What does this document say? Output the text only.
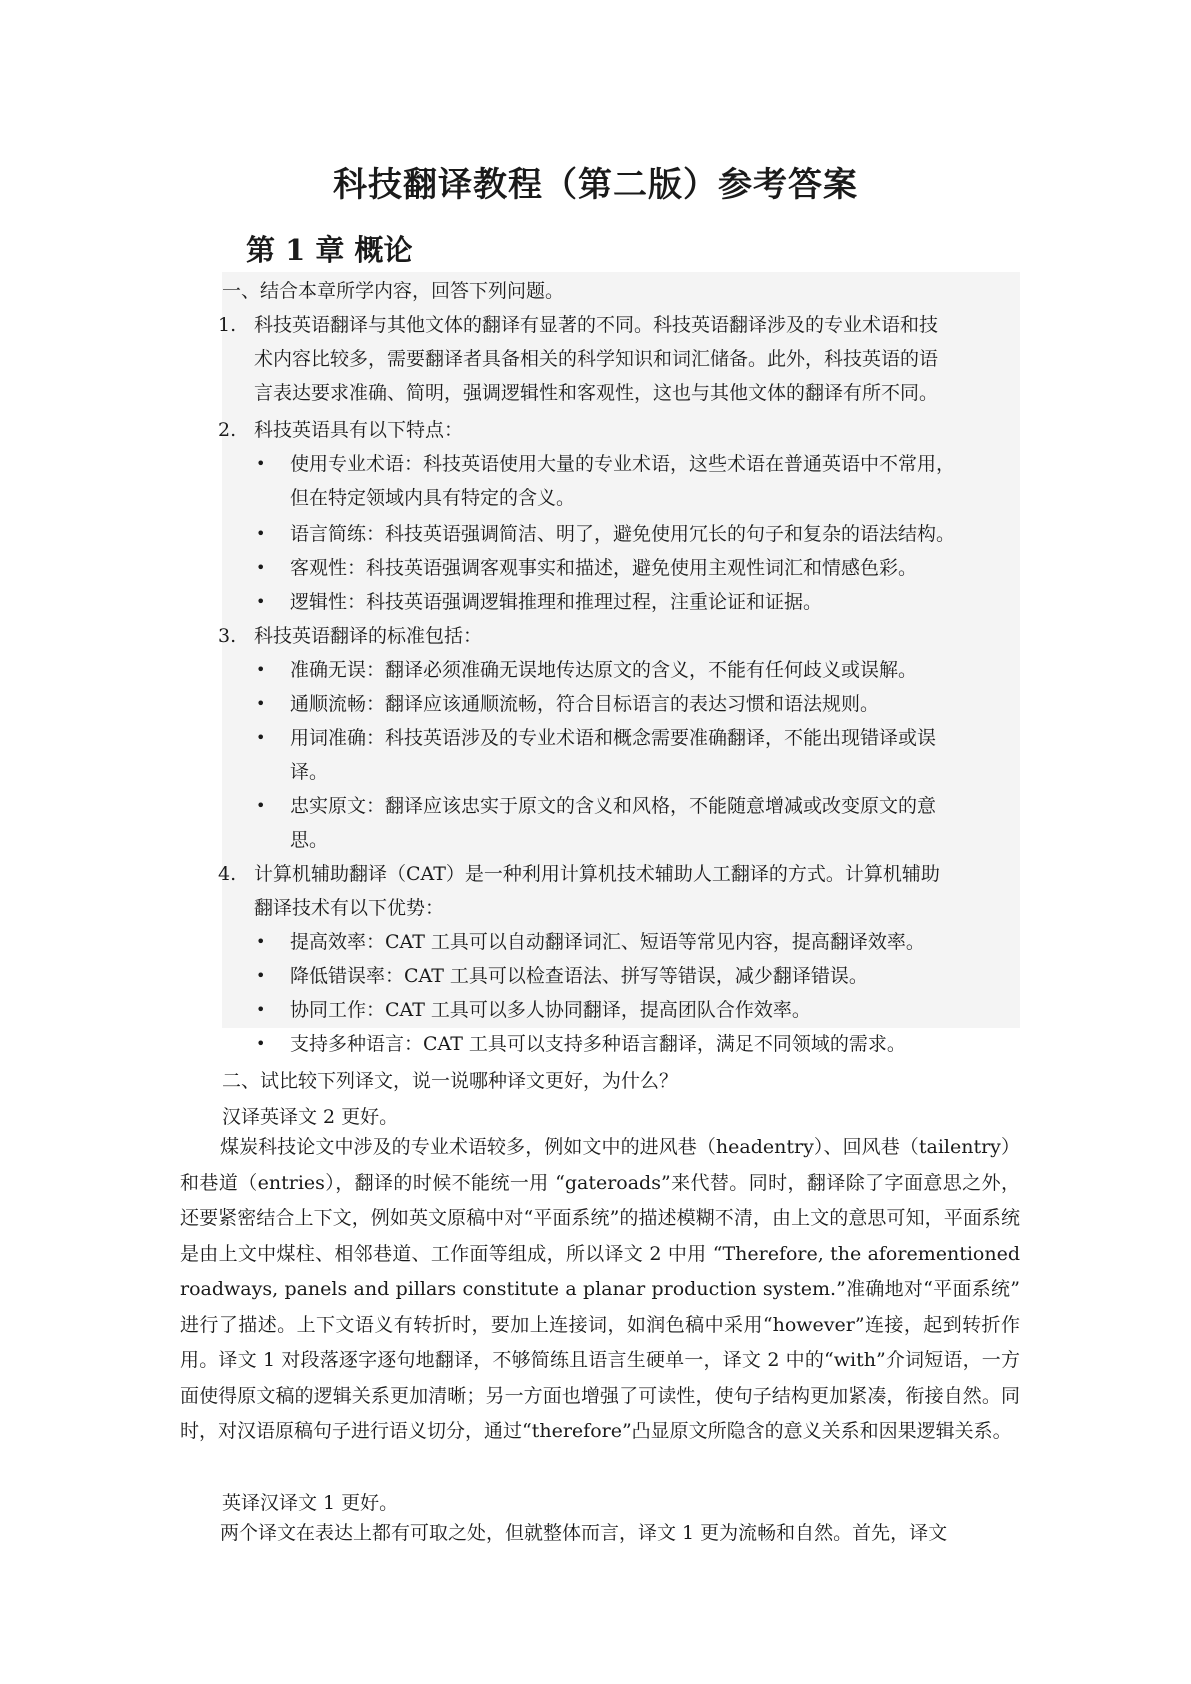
科技翻译教程（第二版）参考答案
第 1 章 概论
一、结合本章所学内容，回答下列问题。
1. 科技英语翻译与其他文体的翻译有显著的不同。科技英语翻译涉及的专业术语和技
术内容比较多，需要翻译者具备相关的科学知识和词汇储备。此外，科技英语的语
言表达要求准确、简明，强调逻辑性和客观性，这也与其他文体的翻译有所不同。
2. 科技英语具有以下特点：
• 使用专业术语：科技英语使用大量的专业术语，这些术语在普通英语中不常用，
但在特定领域内具有特定的含义。
• 语言简练：科技英语强调简洁、明了，避免使用冗长的句子和复杂的语法结构。
• 客观性：科技英语强调客观事实和描述，避免使用主观性词汇和情感色彩。
• 逻辑性：科技英语强调逻辑推理和推理过程，注重论证和证据。
3. 科技英语翻译的标准包括：
• 准确无误：翻译必须准确无误地传达原文的含义，不能有任何歧义或误解。
• 通顺流畅：翻译应该通顺流畅，符合目标语言的表达习惯和语法规则。
• 用词准确：科技英语涉及的专业术语和概念需要准确翻译，不能出现错译或误
译。
• 忠实原文：翻译应该忠实于原文的含义和风格，不能随意增减或改变原文的意
思。
4. 计算机辅助翻译（CAT）是一种利用计算机技术辅助人工翻译的方式。计算机辅助
翻译技术有以下优势：
• 提高效率：CAT 工具可以自动翻译词汇、短语等常见内容，提高翻译效率。
• 降低错误率：CAT 工具可以检查语法、拼写等错误，减少翻译错误。
• 协同工作：CAT 工具可以多人协同翻译，提高团队合作效率。
• 支持多种语言：CAT 工具可以支持多种语言翻译，满足不同领域的需求。
二、试比较下列译文，说一说哪种译文更好，为什么？
汉译英译文 2 更好。

煤炭科技论文中涉及的专业术语较多，例如文中的进风巷（headentry）、回风巷（tailentry）和巷道（entries），翻译的时候不能统一用 “gateroads”来代替。同时，翻译除了字面意思之外，还要紧密结合上下文，例如英文原稿中对“平面系统”的描述模糊不清，由上文的意思可知，平面系统是由上文中煤柱、相邻巷道、工作面等组成，所以译文 2 中用 “Therefore, the aforementioned roadways, panels and pillars constitute a planar production system.”准确地对“平面系统” 进行了描述。上下文语义有转折时，要加上连接词，如润色稿中采用“however”连接，起到转折作用。译文 1 对段落逐字逐句地翻译，不够简练且语言生硬单一，译文 2 中的“with”介词短语，一方面使得原文稿的逻辑关系更加清晰；另一方面也增强了可读性，使句子结构更加紧凑，衔接自然。同时，对汉语原稿句子进行语义切分，通过“therefore”凸显原文所隐含的意义关系和因果逻辑关系。

英译汉译文 1 更好。

两个译文在表达上都有可取之处，但就整体而言，译文 1 更为流畅和自然。首先，译文
